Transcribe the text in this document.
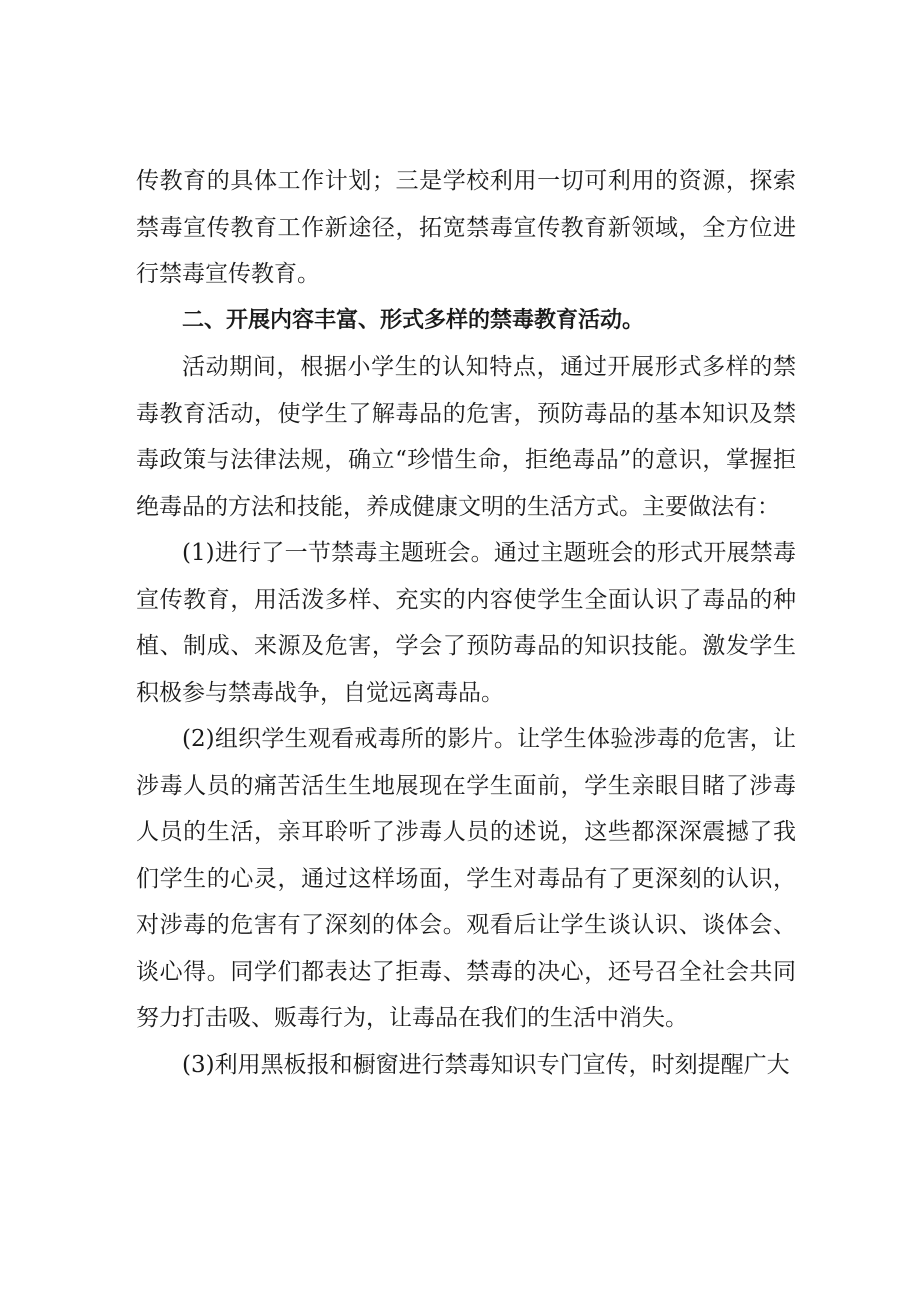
传教育的具体工作计划；三是学校利用一切可利用的资源，探索禁毒宣传教育工作新途径，拓宽禁毒宣传教育新领域，全方位进行禁毒宣传教育。

二、开展内容丰富、形式多样的禁毒教育活动。

活动期间，根据小学生的认知特点，通过开展形式多样的禁毒教育活动，使学生了解毒品的危害，预防毒品的基本知识及禁毒政策与法律法规，确立“珍惜生命，拒绝毒品”的意识，掌握拒绝毒品的方法和技能，养成健康文明的生活方式。主要做法有：

(1)进行了一节禁毒主题班会。通过主题班会的形式开展禁毒宣传教育，用活泼多样、充实的内容使学生全面认识了毒品的种植、制成、来源及危害，学会了预防毒品的知识技能。激发学生积极参与禁毒战争，自觉远离毒品。

(2)组织学生观看戒毒所的影片。让学生体验涉毒的危害，让涉毒人员的痛苦活生生地展现在学生面前，学生亲眼目睹了涉毒人员的生活，亲耳聆听了涉毒人员的述说，这些都深深震撼了我们学生的心灵，通过这样场面，学生对毒品有了更深刻的认识，对涉毒的危害有了深刻的体会。观看后让学生谈认识、谈体会、谈心得。同学们都表达了拒毒、禁毒的决心，还号召全社会共同努力打击吸、贩毒行为，让毒品在我们的生活中消失。

(3)利用黑板报和橱窗进行禁毒知识专门宣传，时刻提醒广大
